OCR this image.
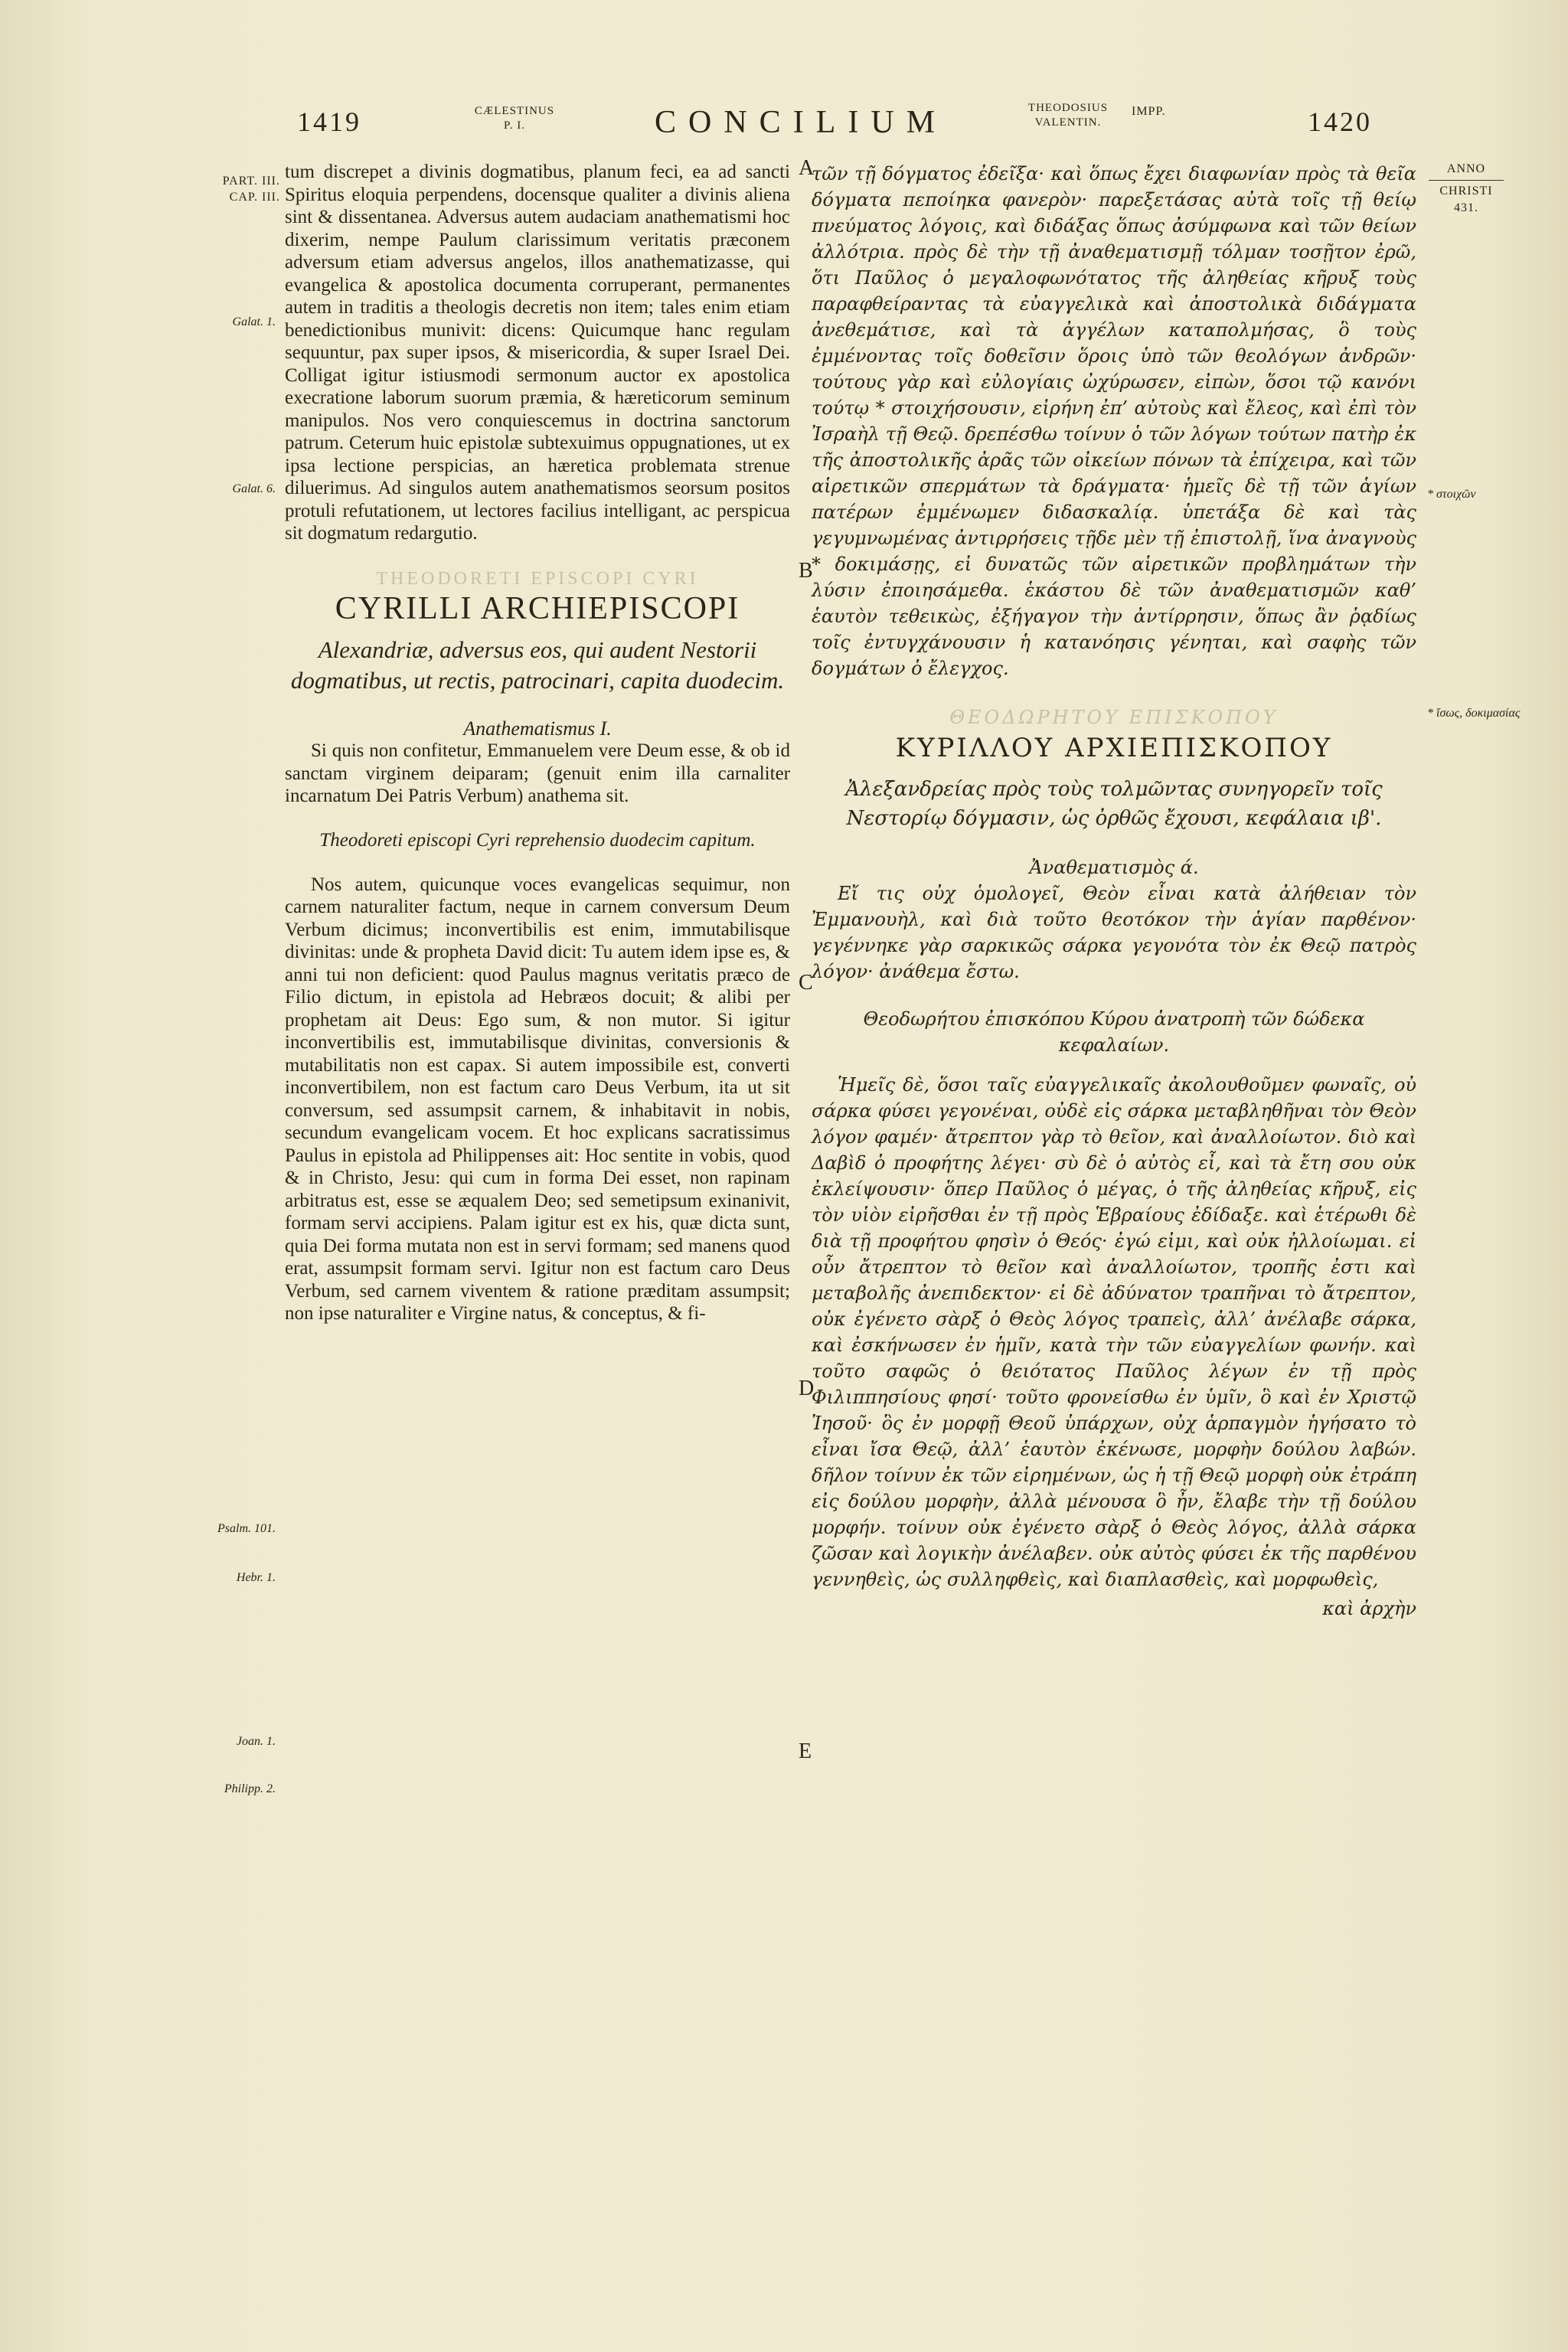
1419	CÆLESTINUS
P. I.	CONCILIUM	THEODOSIUS
VALENTIN.
IMPP.	1420
PART. III.
CAP. III.
ANNO
CHRISTI
431.
Galat. 1.
Galat. 6.
Psalm. 101.
Hebr. 1.
Joan. 1.
Philipp. 2.
* στοιχῶν
* ἴσως, δοκιμασίας
A
B
C
D
E

tum discrepet a divinis dogmatibus, planum feci, ea ad sancti Spiritus eloquia perpendens, docensque qualiter a divinis aliena sint & dissentanea. Adversus autem audaciam anathematismi hoc dixerim, nempe Paulum clarissimum veritatis præconem adversum etiam adversus angelos, illos anathematizasse, qui evangelica & apostolica documenta corruperant, permanentes autem in traditis a theologis decretis non item; tales enim etiam benedictionibus munivit: dicens: Quicumque hanc regulam sequuntur, pax super ipsos, & misericordia, & super Israel Dei. Colligat igitur istiusmodi sermonum auctor ex apostolica execratione laborum suorum præmia, & hæreticorum seminum manipulos. Nos vero conquiescemus in doctrina sanctorum patrum. Ceterum huic epistolæ subtexuimus oppugnationes, ut ex ipsa lectione perspicias, an hæretica problemata strenue diluerimus. Ad singulos autem anathematismos seorsum positos protuli refutationem, ut lectores facilius intelligant, ac perspicua sit dogmatum redargutio.

THEODORETI EPISCOPI CYRI
CYRILLI ARCHIEPISCOPI
Alexandriæ, adversus eos, qui audent Nestorii dogmatibus, ut rectis, patrocinari, capita duodecim.
Anathematismus I.

Si quis non confitetur, Emmanuelem vere Deum esse, & ob id sanctam virginem deiparam; (genuit enim illa carnaliter incarnatum Dei Patris Verbum) anathema sit.

Theodoreti episcopi Cyri reprehensio duodecim capitum.

Nos autem, quicunque voces evangelicas sequimur, non carnem naturaliter factum, neque in carnem conversum Deum Verbum dicimus; inconvertibilis est enim, immutabilisque divinitas: unde & propheta David dicit: Tu autem idem ipse es, & anni tui non deficient: quod Paulus magnus veritatis præco de Filio dictum, in epistola ad Hebræos docuit; & alibi per prophetam ait Deus: Ego sum, & non mutor. Si igitur inconvertibilis est, immutabilisque divinitas, conversionis & mutabilitatis non est capax. Si autem impossibile est, converti inconvertibilem, non est factum caro Deus Verbum, ita ut sit conversum, sed assumpsit carnem, & inhabitavit in nobis, secundum evangelicam vocem. Et hoc explicans sacratissimus Paulus in epistola ad Philippenses ait: Hoc sentite in vobis, quod & in Christo, Jesu: qui cum in forma Dei esset, non rapinam arbitratus est, esse se æqualem Deo; sed semetipsum exinanivit, formam servi accipiens. Palam igitur est ex his, quæ dicta sunt, quia Dei forma mutata non est in servi formam; sed manens quod erat, assumpsit formam servi. Igitur non est factum caro Deus Verbum, sed carnem viventem & ratione præditam assumpsit; non ipse naturaliter e Virgine natus, & conceptus, & fi-

τῶν τῇ δόγματος ἐδεῖξα· καὶ ὅπως ἔχει διαφωνίαν πρὸς τὰ θεῖα δόγματα πεποίηκα φανερὸν· παρεξετάσας αὐτὰ τοῖς τῇ θείῳ πνεύματος λόγοις, καὶ διδάξας ὅπως ἀσύμφωνα καὶ τῶν θείων ἀλλότρια. πρὸς δὲ τὴν τῇ ἀναθεματισμῇ τόλμαν τοσῇτον ἐρῶ, ὅτι Παῦλος ὁ μεγαλοφωνότατος τῆς ἀληθείας κῆρυξ τοὺς παραφθείραντας τὰ εὐαγγελικὰ καὶ ἀποστολικὰ διδάγματα ἀνεθεμάτισε, καὶ τὰ ἀγγέλων καταπολμήσας, ὃ τοὺς ἐμμένοντας τοῖς δοθεῖσιν ὅροις ὑπὸ τῶν θεολόγων ἀνδρῶν· τούτους γὰρ καὶ εὐλογίαις ὠχύρωσεν, εἰπὼν, ὅσοι τῷ κανόνι τούτῳ * στοιχήσουσιν, εἰρήνη ἐπ’ αὐτοὺς καὶ ἔλεος, καὶ ἐπὶ τὸν Ἰσραὴλ τῇ Θεῷ. δρεπέσθω τοίνυν ὁ τῶν λόγων τούτων πατὴρ ἐκ τῆς ἀποστολικῆς ἀρᾶς τῶν οἰκείων πόνων τὰ ἐπίχειρα, καὶ τῶν αἱρετικῶν σπερμάτων τὰ δράγματα· ἡμεῖς δὲ τῇ τῶν ἁγίων πατέρων ἐμμένωμεν διδασκαλίᾳ. ὑπετάξα δὲ καὶ τὰς γεγυμνωμένας ἀντιρρήσεις τῇδε μὲν τῇ ἐπιστολῇ, ἵνα ἀναγνοὺς * δοκιμάσῃς, εἰ δυνατῶς τῶν αἱρετικῶν προβλημάτων τὴν λύσιν ἐποιησάμεθα. ἑκάστου δὲ τῶν ἀναθεματισμῶν καθ’ ἑαυτὸν τεθεικὼς, ἐξήγαγον τὴν ἀντίρρησιν, ὅπως ἂν ῥᾳδίως τοῖς ἐντυγχάνουσιν ἡ κατανόησις γένηται, καὶ σαφὴς τῶν δογμάτων ὁ ἔλεγχος.

ΘΕΟΔΩΡΗΤΟΥ ΕΠΙΣΚΟΠΟΥ
ΚΥΡΙΛΛΟΥ ΑΡΧΙΕΠΙΣΚΟΠΟΥ
Ἀλεξανδρείας πρὸς τοὺς τολμῶντας συνηγορεῖν τοῖς Νεστορίῳ δόγμασιν, ὡς ὀρθῶς ἔχουσι, κεφάλαια ιβ'.
Ἀναθεματισμὸς ά.

Εἴ τις οὐχ ὁμολογεῖ, Θεὸν εἶναι κατὰ ἀλήθειαν τὸν Ἐμμανουὴλ, καὶ διὰ τοῦτο θεοτόκον τὴν ἁγίαν παρθένον· γεγέννηκε γὰρ σαρκικῶς σάρκα γεγονότα τὸν ἐκ Θεῷ πατρὸς λόγον· ἀνάθεμα ἔστω.

Θεοδωρήτου ἐπισκόπου Κύρου ἀνατροπὴ τῶν δώδεκα κεφαλαίων.

Ἡμεῖς δὲ, ὅσοι ταῖς εὐαγγελικαῖς ἀκολουθοῦμεν φωναῖς, οὐ σάρκα φύσει γεγονέναι, οὐδὲ εἰς σάρκα μεταβληθῆναι τὸν Θεὸν λόγον φαμέν· ἄτρεπτον γὰρ τὸ θεῖον, καὶ ἀναλλοίωτον. διὸ καὶ Δαβὶδ ὁ προφήτης λέγει· σὺ δὲ ὁ αὐτὸς εἶ, καὶ τὰ ἔτη σου οὐκ ἐκλείψουσιν· ὅπερ Παῦλος ὁ μέγας, ὁ τῆς ἀληθείας κῆρυξ, εἰς τὸν υἱὸν εἰρῆσθαι ἐν τῇ πρὸς Ἑβραίους ἐδίδαξε. καὶ ἑτέρωθι δὲ διὰ τῇ προφήτου φησὶν ὁ Θεός· ἐγώ εἰμι, καὶ οὐκ ἠλλοίωμαι. εἰ οὖν ἄτρεπτον τὸ θεῖον καὶ ἀναλλοίωτον, τροπῆς ἐστι καὶ μεταβολῆς ἀνεπιδεκτον· εἰ δὲ ἀδύνατον τραπῆναι τὸ ἄτρεπτον, οὐκ ἐγένετο σὰρξ ὁ Θεὸς λόγος τραπεὶς, ἀλλ’ ἀνέλαβε σάρκα, καὶ ἐσκήνωσεν ἐν ἡμῖν, κατὰ τὴν τῶν εὐαγγελίων φωνήν. καὶ τοῦτο σαφῶς ὁ θειότατος Παῦλος λέγων ἐν τῇ πρὸς Φιλιππησίους φησί· τοῦτο φρονείσθω ἐν ὑμῖν, ὃ καὶ ἐν Χριστῷ Ἰησοῦ· ὃς ἐν μορφῇ Θεοῦ ὑπάρχων, οὐχ ἁρπαγμὸν ἡγήσατο τὸ εἶναι ἴσα Θεῷ, ἀλλ’ ἑαυτὸν ἐκένωσε, μορφὴν δούλου λαβών. δῆλον τοίνυν ἐκ τῶν εἰρημένων, ὡς ἡ τῇ Θεῷ μορφὴ οὐκ ἐτράπη εἰς δούλου μορφὴν, ἀλλὰ μένουσα ὃ ἦν, ἔλαβε τὴν τῇ δούλου μορφήν. τοίνυν οὐκ ἐγένετο σὰρξ ὁ Θεὸς λόγος, ἀλλὰ σάρκα ζῶσαν καὶ λογικὴν ἀνέλαβεν. οὐκ αὐτὸς φύσει ἐκ τῆς παρθένου γεννηθεὶς, ὡς συλληφθεὶς, καὶ διαπλασθεὶς, καὶ μορφωθεὶς,

καὶ ἀρχὴν
